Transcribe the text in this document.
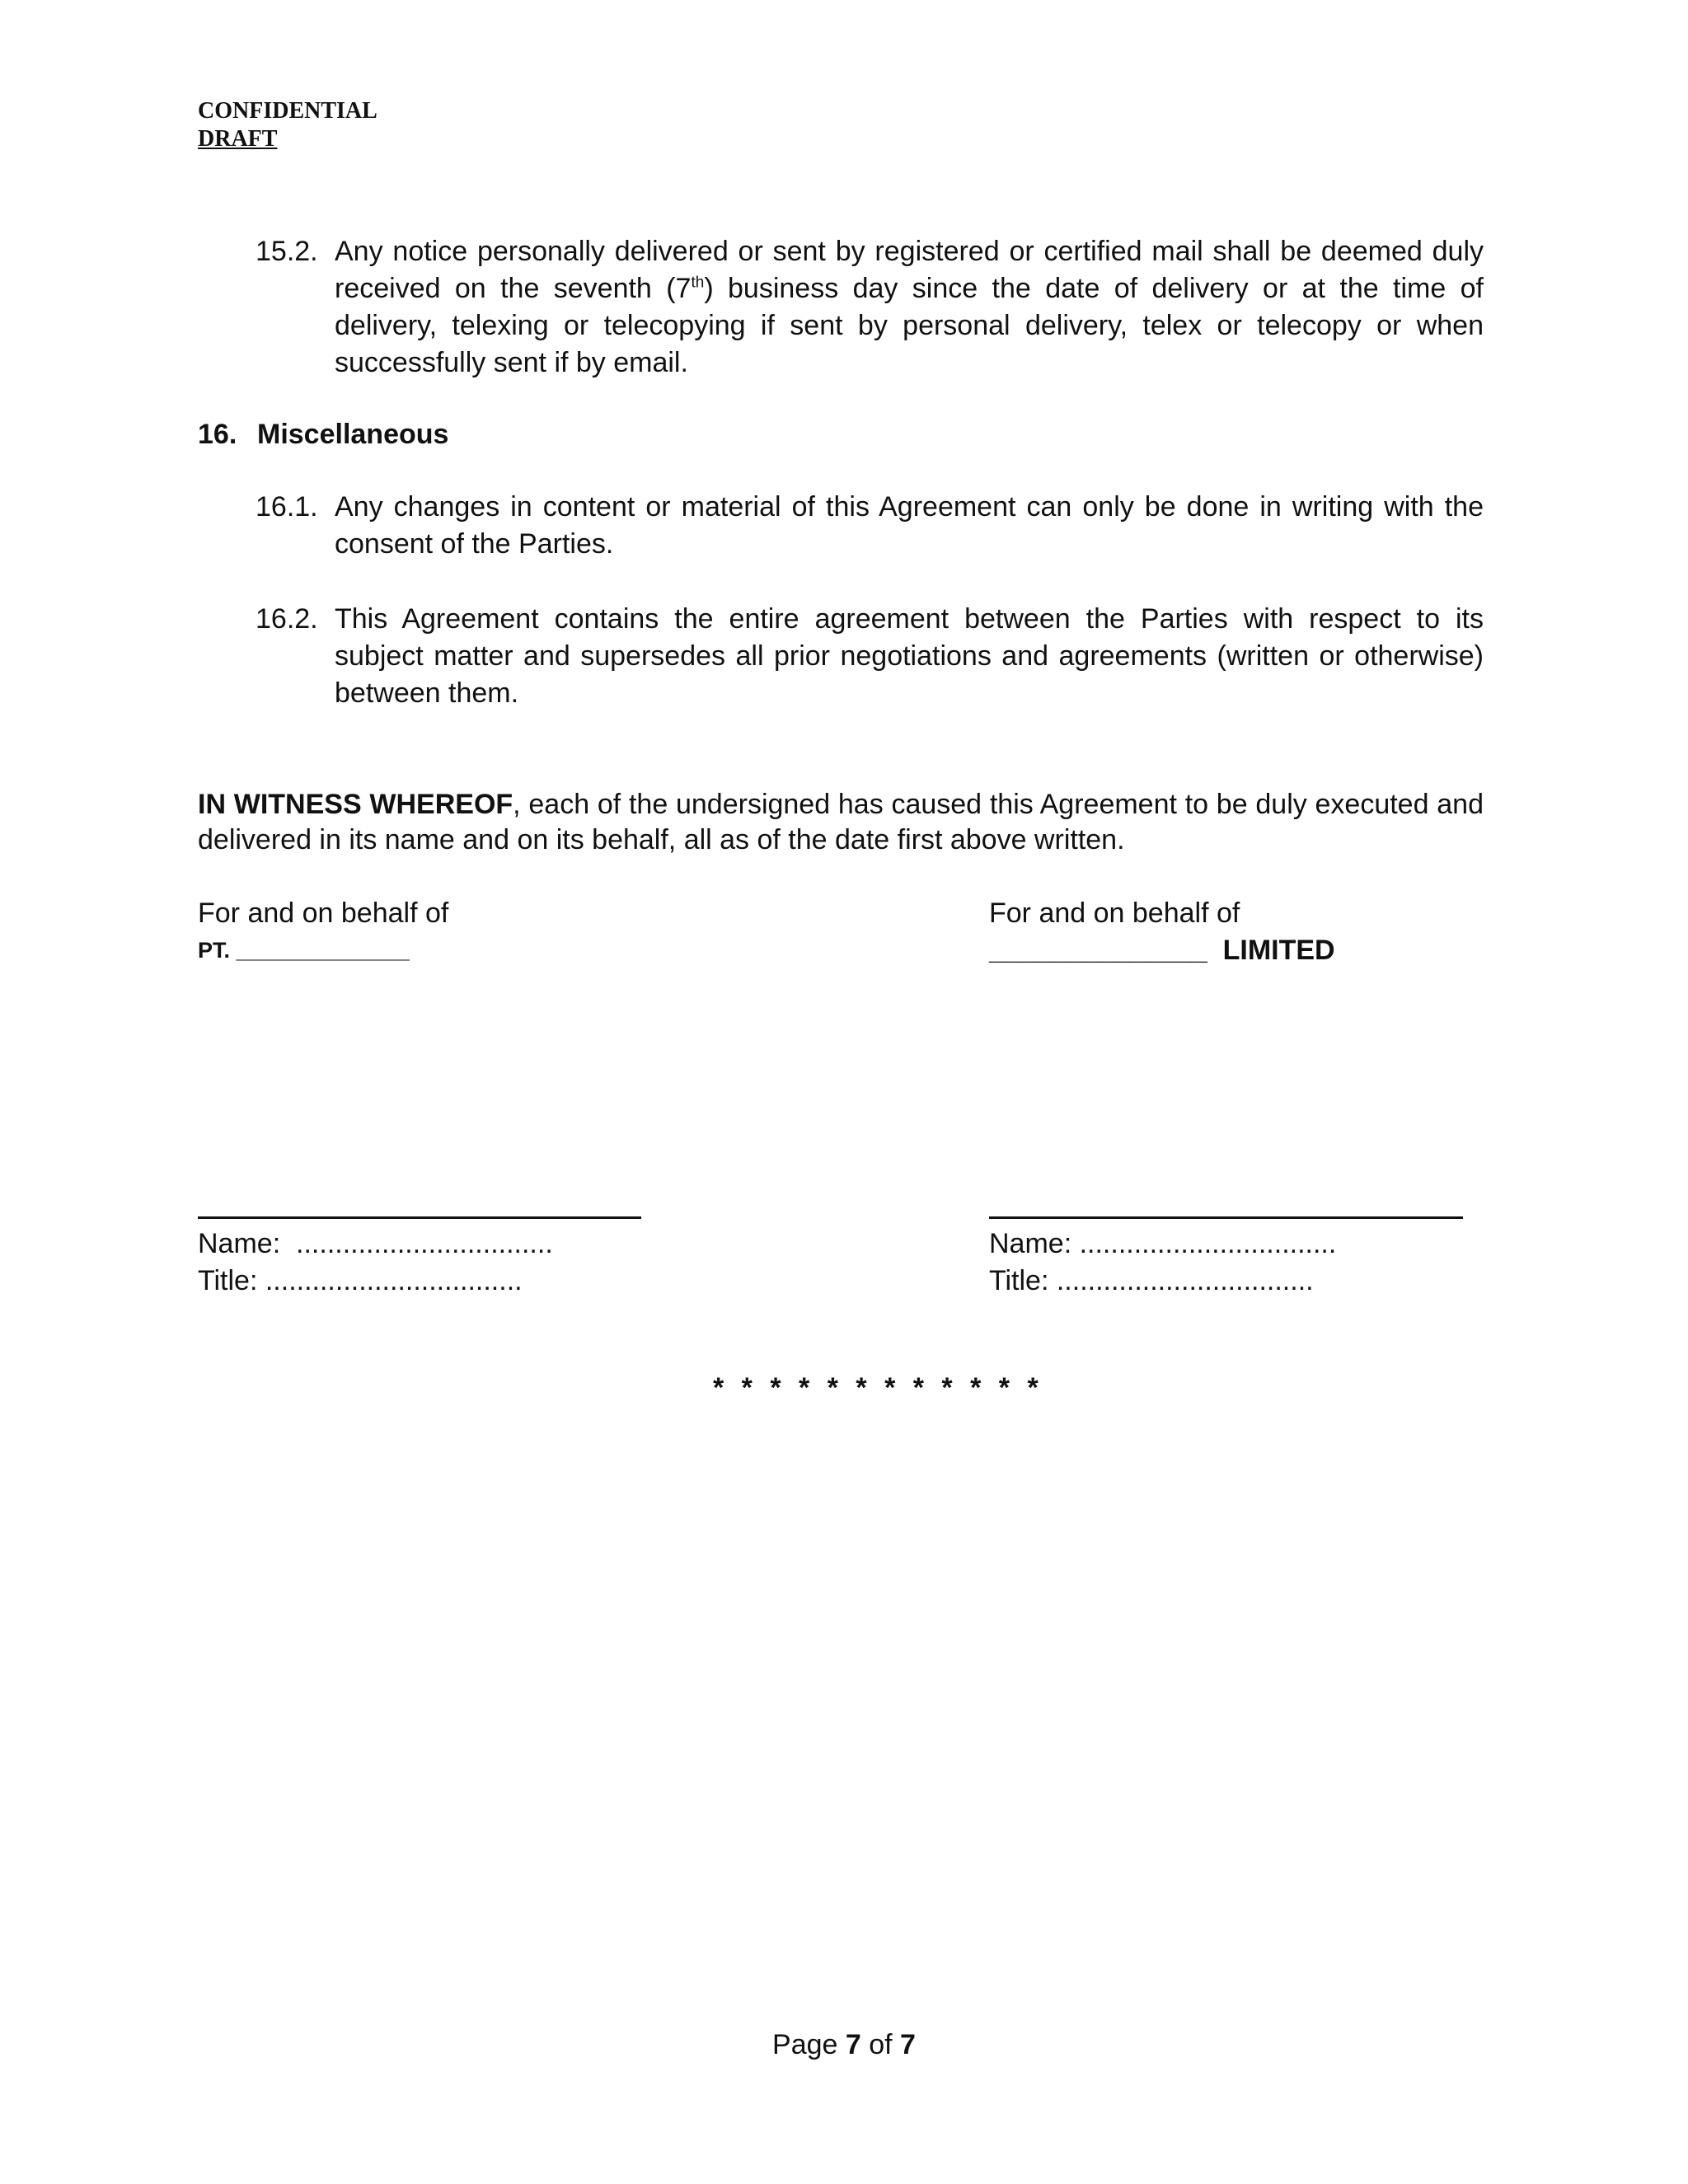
CONFIDENTIAL
DRAFT
15.2. Any notice personally delivered or sent by registered or certified mail shall be deemed duly received on the seventh (7th) business day since the date of delivery or at the time of delivery, telexing or telecopying if sent by personal delivery, telex or telecopy or when successfully sent if by email.
16. Miscellaneous
16.1. Any changes in content or material of this Agreement can only be done in writing with the consent of the Parties.
16.2. This Agreement contains the entire agreement between the Parties with respect to its subject matter and supersedes all prior negotiations and agreements (written or otherwise) between them.
IN WITNESS WHEREOF, each of the undersigned has caused this Agreement to be duly executed and delivered in its name and on its behalf, all as of the date first above written.
For and on behalf of
PT. ______________
For and on behalf of
______________  LIMITED
Name:  .................................
Title: .................................
Name: .................................
Title: .................................
* * * * * * * * * * * *
Page 7 of 7
